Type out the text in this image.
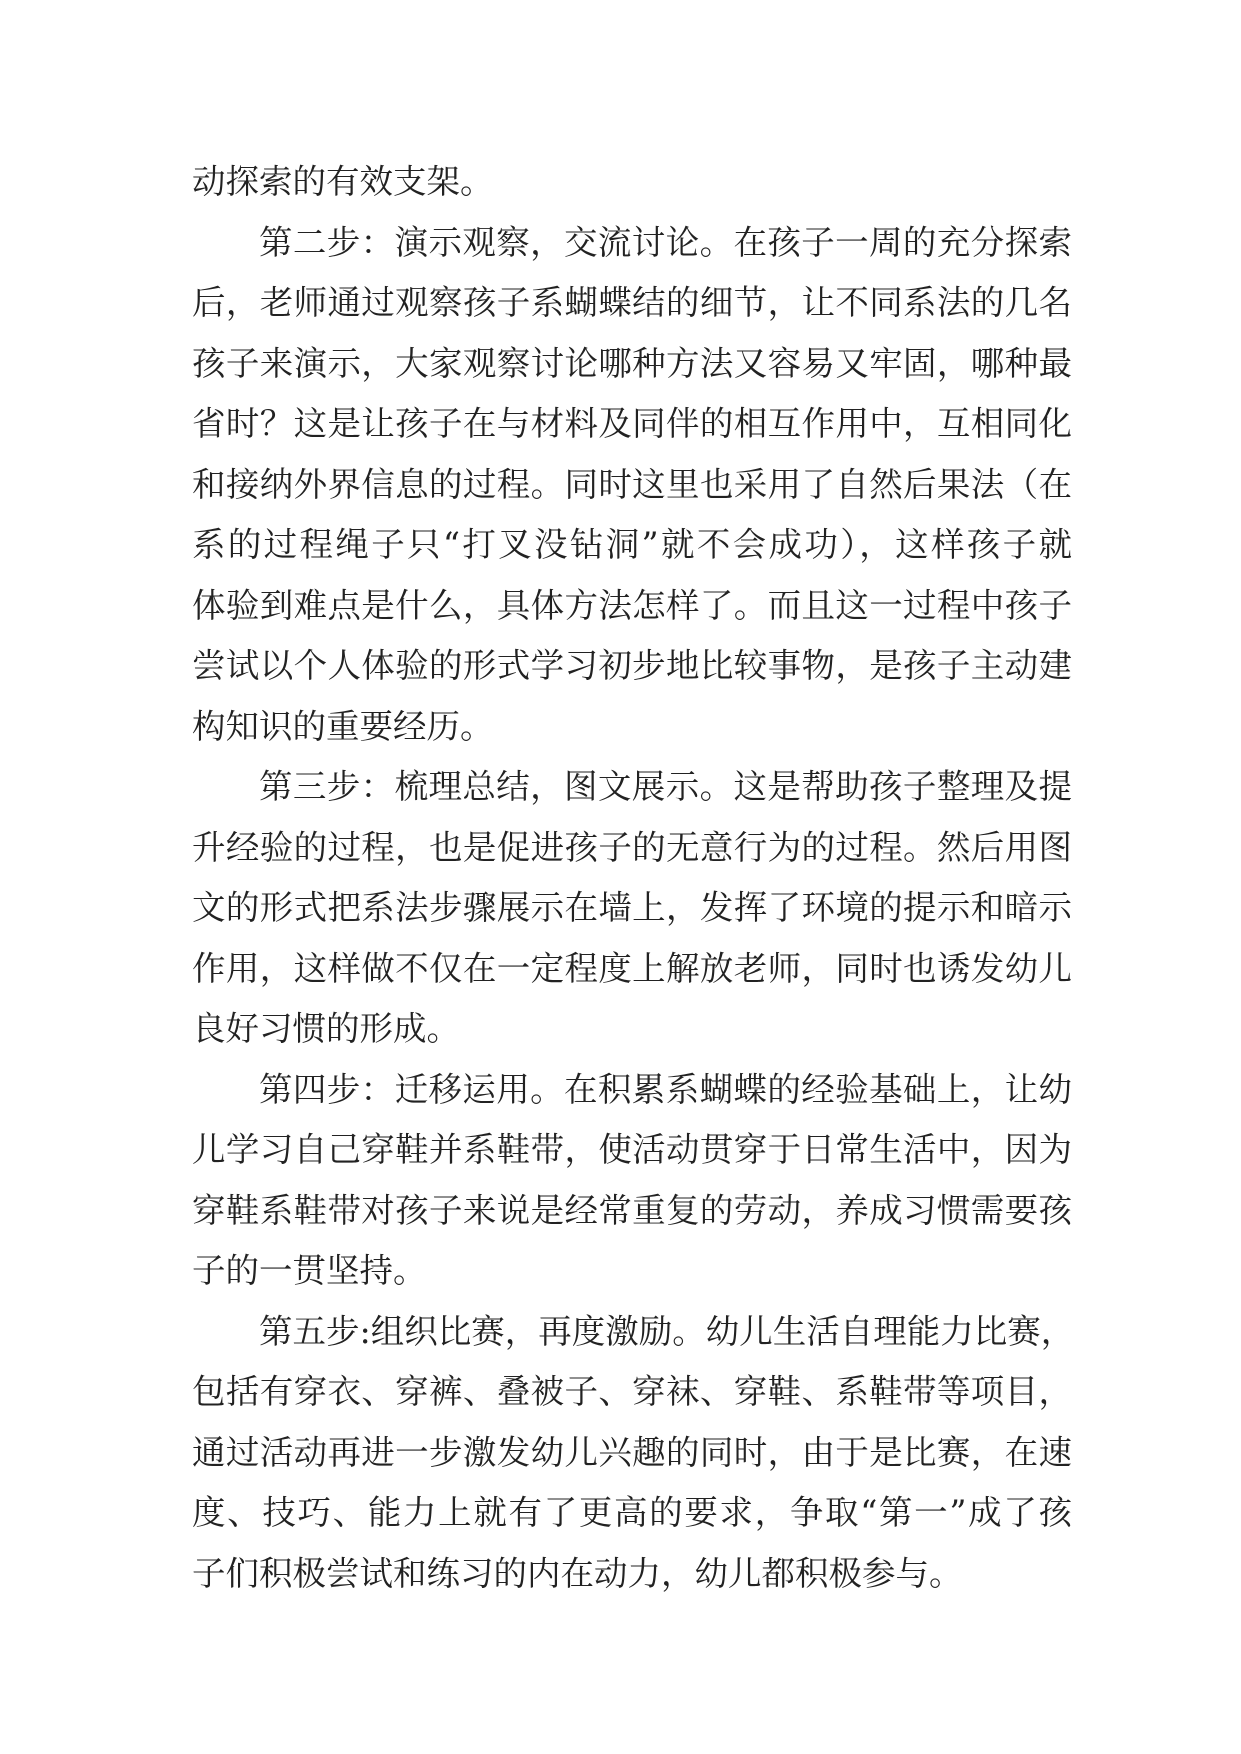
动探索的有效支架。
第二步：演示观察，交流讨论。在孩子一周的充分探索
后，老师通过观察孩子系蝴蝶结的细节，让不同系法的几名
孩子来演示，大家观察讨论哪种方法又容易又牢固，哪种最
省时？这是让孩子在与材料及同伴的相互作用中，互相同化
和接纳外界信息的过程。同时这里也采用了自然后果法（在
系的过程绳子只“打叉没钻洞”就不会成功），这样孩子就
体验到难点是什么，具体方法怎样了。而且这一过程中孩子
尝试以个人体验的形式学习初步地比较事物，是孩子主动建
构知识的重要经历。
第三步：梳理总结，图文展示。这是帮助孩子整理及提
升经验的过程，也是促进孩子的无意行为的过程。然后用图
文的形式把系法步骤展示在墙上，发挥了环境的提示和暗示
作用，这样做不仅在一定程度上解放老师，同时也诱发幼儿
良好习惯的形成。
第四步：迁移运用。在积累系蝴蝶的经验基础上，让幼
儿学习自己穿鞋并系鞋带，使活动贯穿于日常生活中，因为
穿鞋系鞋带对孩子来说是经常重复的劳动，养成习惯需要孩
子的一贯坚持。
第五步:组织比赛，再度激励。幼儿生活自理能力比赛，
包括有穿衣、穿裤、叠被子、穿袜、穿鞋、系鞋带等项目，
通过活动再进一步激发幼儿兴趣的同时，由于是比赛，在速
度、技巧、能力上就有了更高的要求，争取“第一”成了孩
子们积极尝试和练习的内在动力，幼儿都积极参与。
